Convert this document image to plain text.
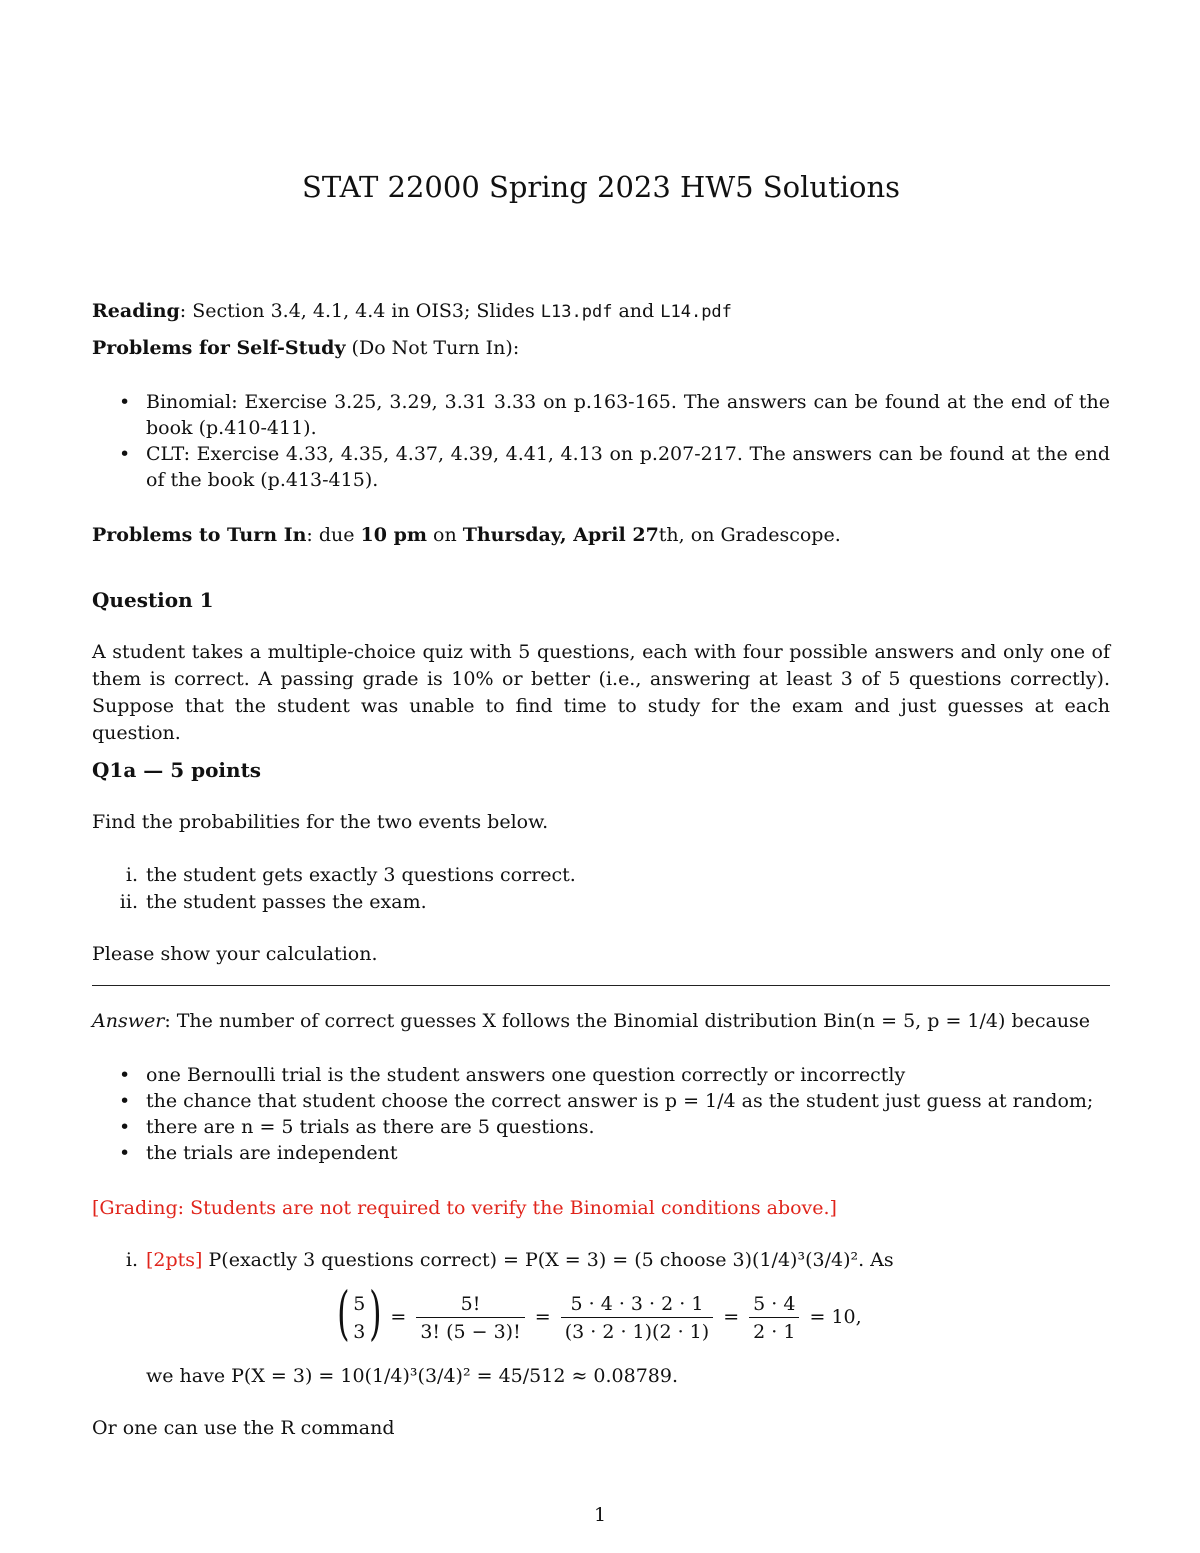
STAT 22000 Spring 2023 HW5 Solutions
Reading: Section 3.4, 4.1, 4.4 in OIS3; Slides L13.pdf and L14.pdf
Problems for Self-Study (Do Not Turn In):
• Binomial: Exercise 3.25, 3.29, 3.31 3.33 on p.163-165. The answers can be found at the end of the book (p.410-411).
• CLT: Exercise 4.33, 4.35, 4.37, 4.39, 4.41, 4.13 on p.207-217. The answers can be found at the end of the book (p.413-415).
Problems to Turn In: due 10 pm on Thursday, April 27th, on Gradescope.
Question 1
A student takes a multiple-choice quiz with 5 questions, each with four possible answers and only one of them is correct. A passing grade is 10% or better (i.e., answering at least 3 of 5 questions correctly). Suppose that the student was unable to find time to study for the exam and just guesses at each question.
Q1a — 5 points
Find the probabilities for the two events below.
i. the student gets exactly 3 questions correct.
ii. the student passes the exam.
Please show your calculation.
Answer: The number of correct guesses X follows the Binomial distribution Bin(n = 5, p = 1/4) because
• one Bernoulli trial is the student answers one question correctly or incorrectly
• the chance that student choose the correct answer is p = 1/4 as the student just guess at random;
• there are n = 5 trials as there are 5 questions.
• the trials are independent
[Grading: Students are not required to verify the Binomial conditions above.]
i. [2pts] P(exactly 3 questions correct) = P(X = 3) = (5 choose 3)(1/4)³(3/4)². As
( 5
3 ) = $\frac{5!}{3! (5 - 3)!} = \frac{5 \cdot 4 \cdot 3 \cdot 2 \cdot 1}{(3 \cdot 2 \cdot 1)(2 \cdot 1)} = \frac{5 \cdot 4}{2 \cdot 1} = 10$,
we have P(X = 3) = 10(1/4)³(3/4)² = 45/512 ≈ 0.08789.
Or one can use the R command
1
